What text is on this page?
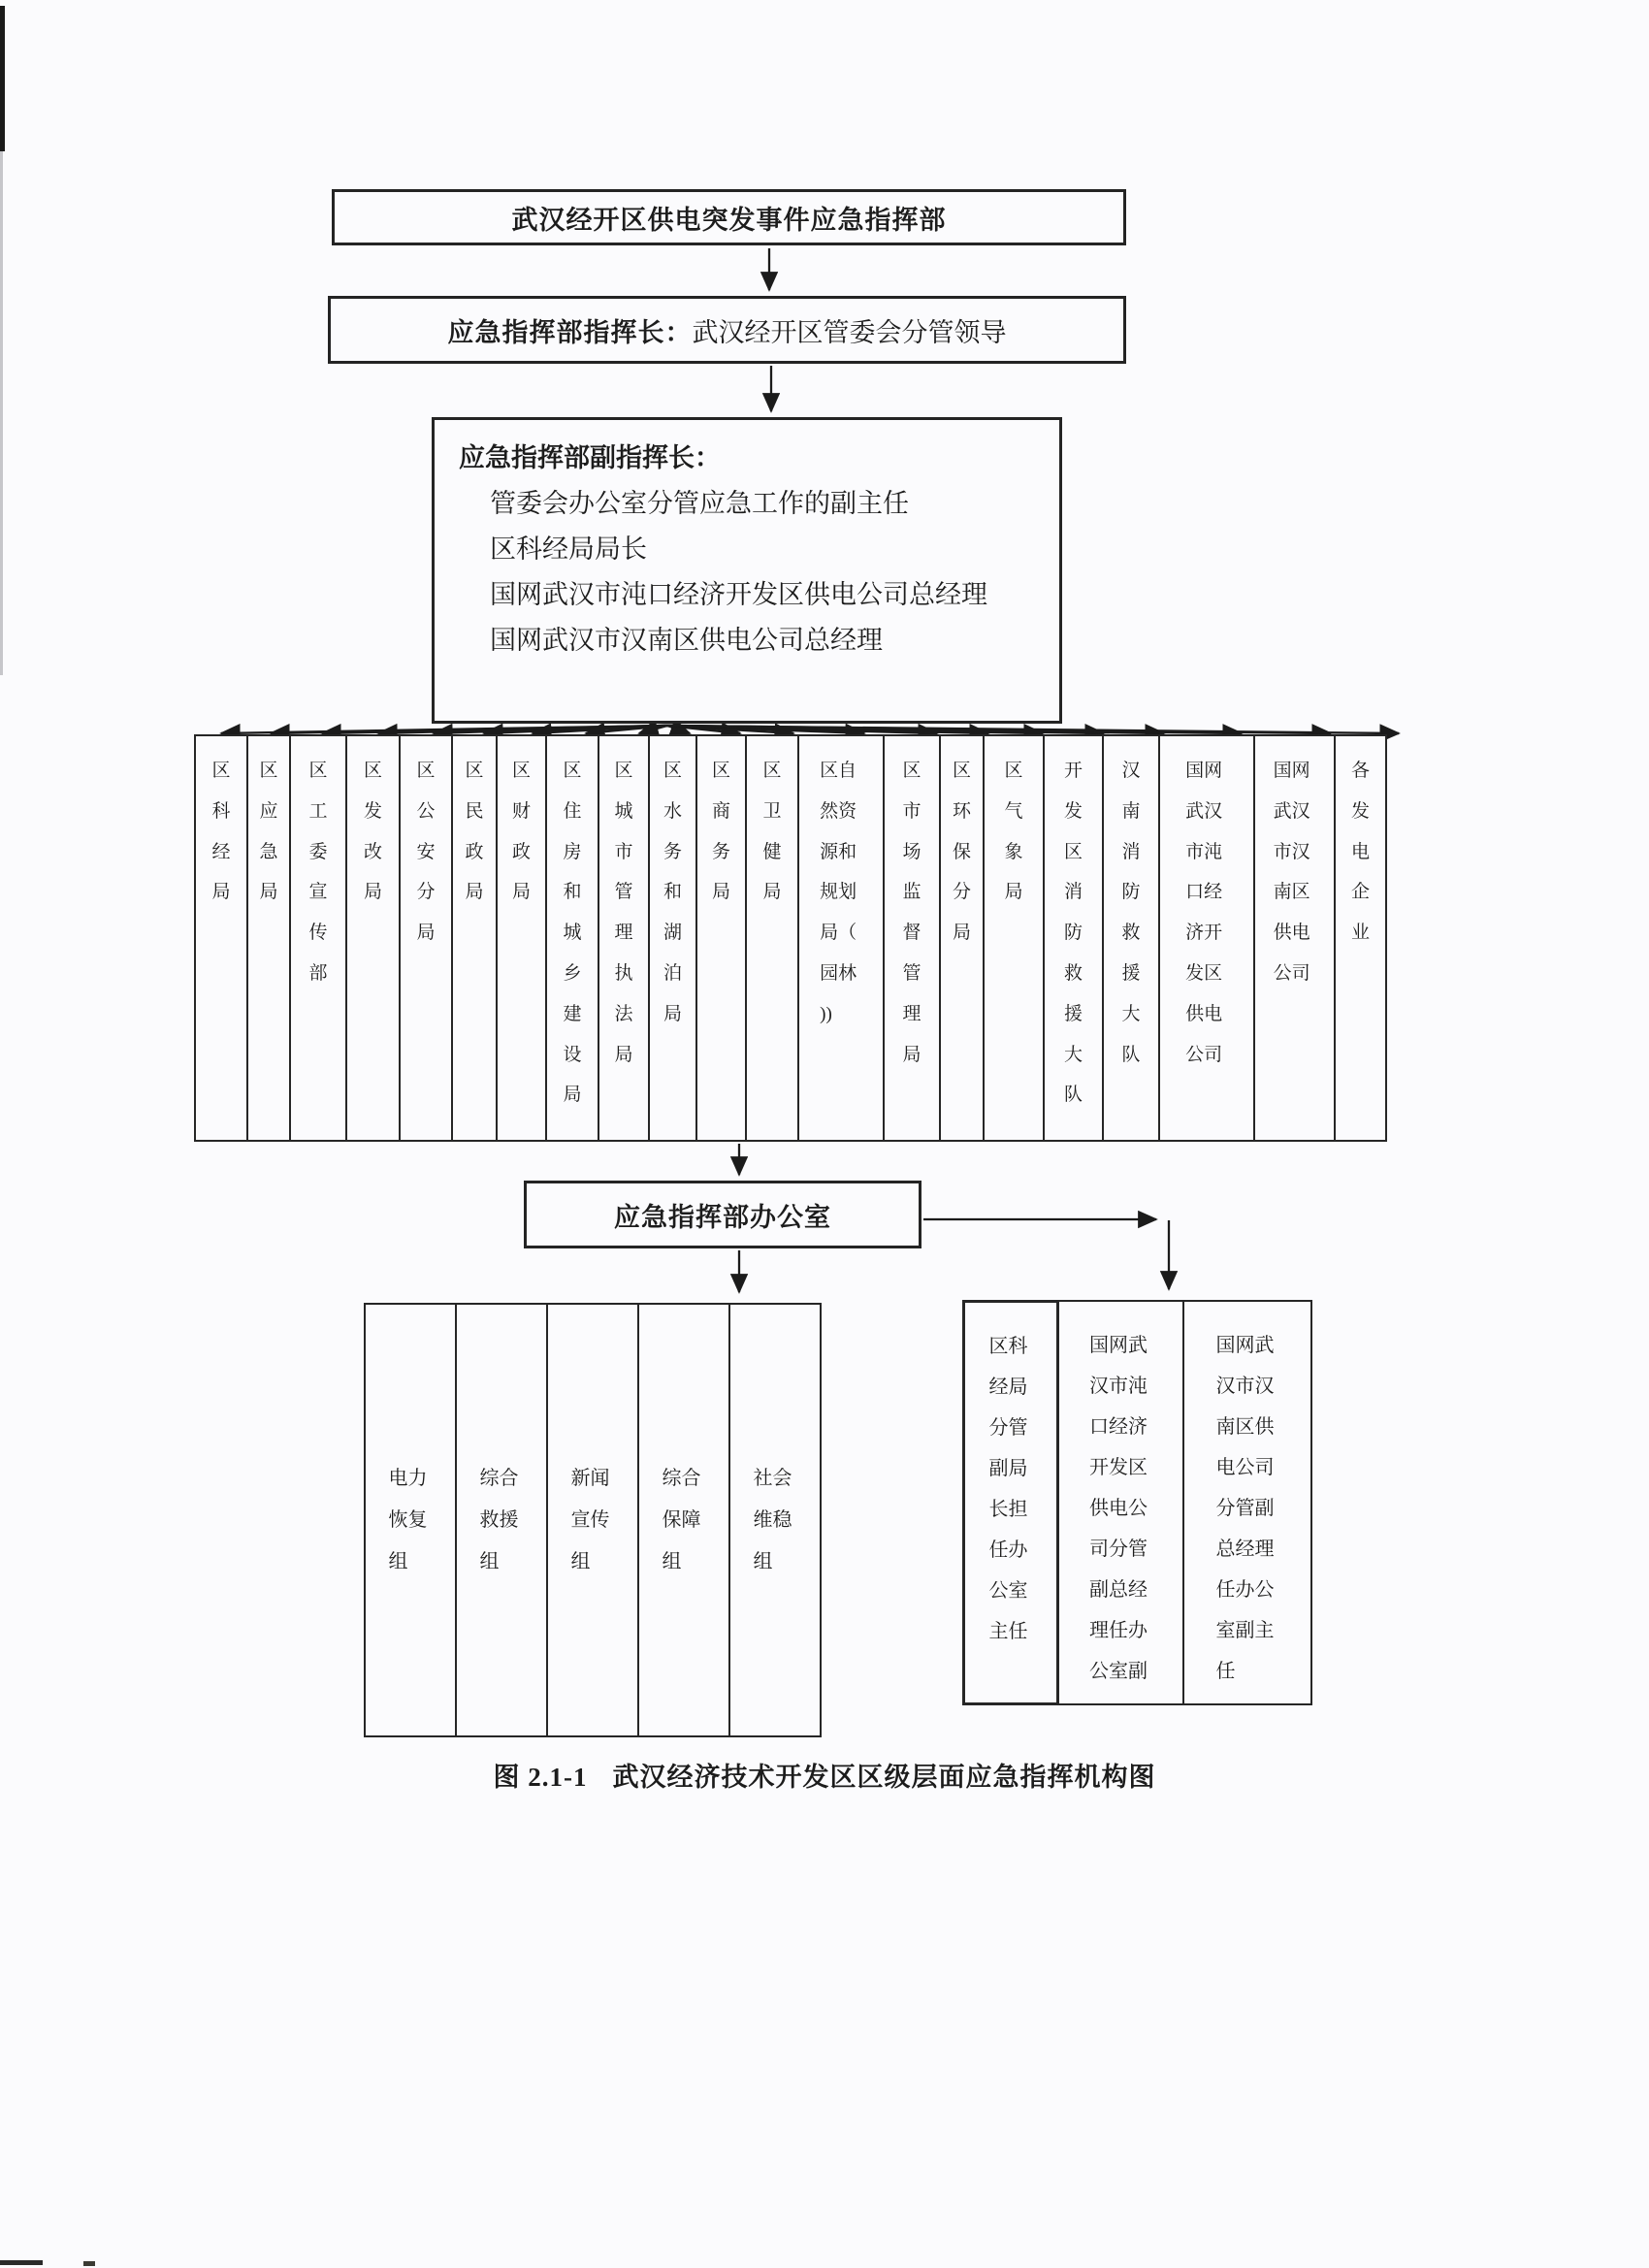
武汉经开区供电突发事件应急指挥部
应急指挥部指挥长：武汉经开区管委会分管领导
应急指挥部副指挥长：
管委会办公室分管应急工作的副主任
区科经局局长
国网武汉市沌口经济开发区供电公司总经理
国网武汉市汉南区供电公司总经理
区科经局
区应急局
区工委宣传部
区发改局
区公安分局
区民政局
区财政局
区住房和城乡建设局
区城市管理执法局
区水务和湖泊局
区商务局
区卫健局
区自然资源和规划局（园林))
区市场监督管理局
区环保分局
区气象局
开发区消防救援大队
汉南消防救援大队
国网武汉市沌口经济开发区供电公司
国网武汉市汉南区供电公司
各发电企业
应急指挥部办公室
电力恢复组
综合救援组
新闻宣传组
综合保障组
社会维稳组
区科经局分管副局长担任办公室主任
国网武汉市沌口经济开发区供电公司分管副总经理任办公室副
国网武汉市汉南区供电公司分管副总经理任办公室副主任
图 2.1-1 武汉经济技术开发区区级层面应急指挥机构图
